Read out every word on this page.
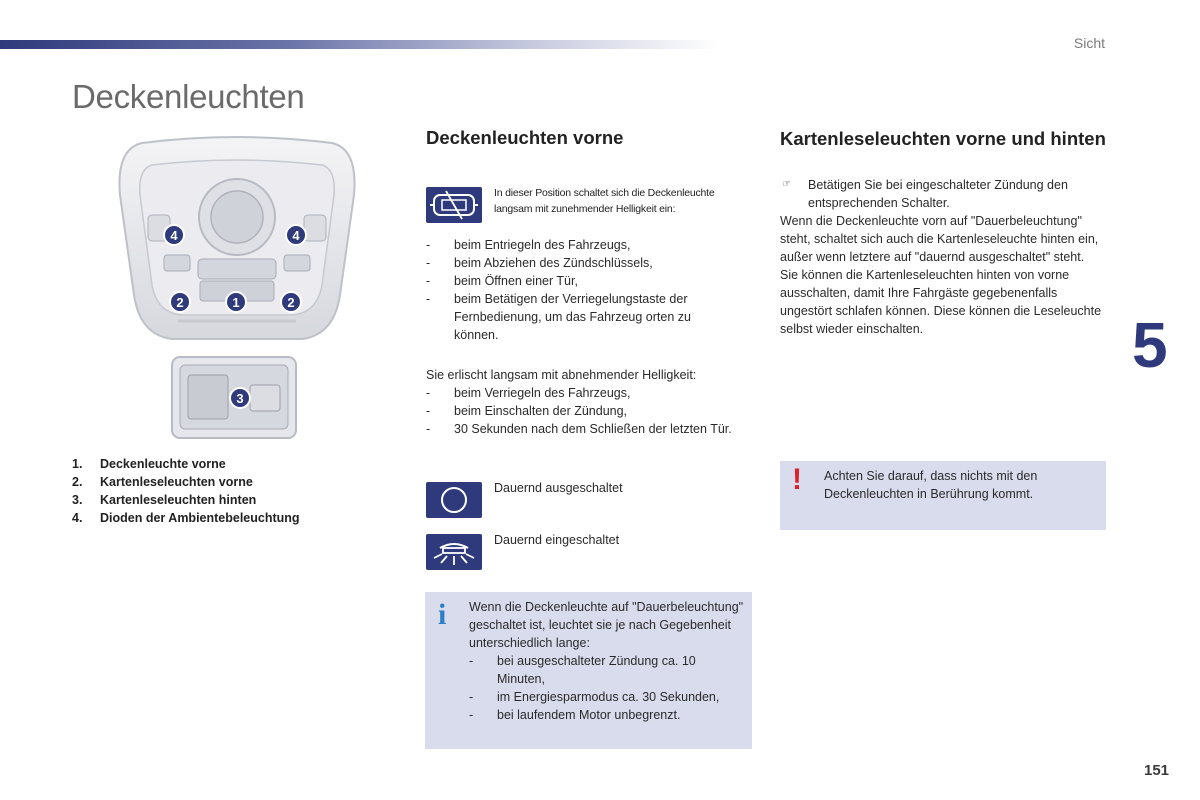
Sicht
Deckenleuchten
5
151
4	4
2	1	2
3
1. Deckenleuchte vorne
2. Kartenleseleuchten vorne
3. Kartenleseleuchten hinten
4. Dioden der Ambientebeleuchtung
Deckenleuchten vorne
In dieser Position schaltet sich die Deckenleuchte langsam mit zunehmender Helligkeit ein:
- beim Entriegeln des Fahrzeugs,
- beim Abziehen des Zündschlüssels,
- beim Öffnen einer Tür,
- beim Betätigen der Verriegelungstaste der Fernbedienung, um das Fahrzeug orten zu können.
Sie erlischt langsam mit abnehmender Helligkeit:
- beim Verriegeln des Fahrzeugs,
- beim Einschalten der Zündung,
- 30 Sekunden nach dem Schließen der letzten Tür.
Dauernd ausgeschaltet
Dauernd eingeschaltet
i Wenn die Deckenleuchte auf "Dauerbeleuchtung" geschaltet ist, leuchtet sie je nach Gegebenheit unterschiedlich lange:
- bei ausgeschalteter Zündung ca. 10 Minuten,
- im Energiesparmodus ca. 30 Sekunden,
- bei laufendem Motor unbegrenzt.
Kartenleseleuchten vorne und hinten
☞ Betätigen Sie bei eingeschalteter Zündung den entsprechenden Schalter.
Wenn die Deckenleuchte vorn auf "Dauerbeleuchtung" steht, schaltet sich auch die Kartenleseleuchte hinten ein, außer wenn letztere auf "dauernd ausgeschaltet" steht.
Sie können die Kartenleseleuchten hinten von vorne ausschalten, damit Ihre Fahrgäste gegebenenfalls ungestört schlafen können. Diese können die Leseleuchte selbst wieder einschalten.
! Achten Sie darauf, dass nichts mit den Deckenleuchten in Berührung kommt.
